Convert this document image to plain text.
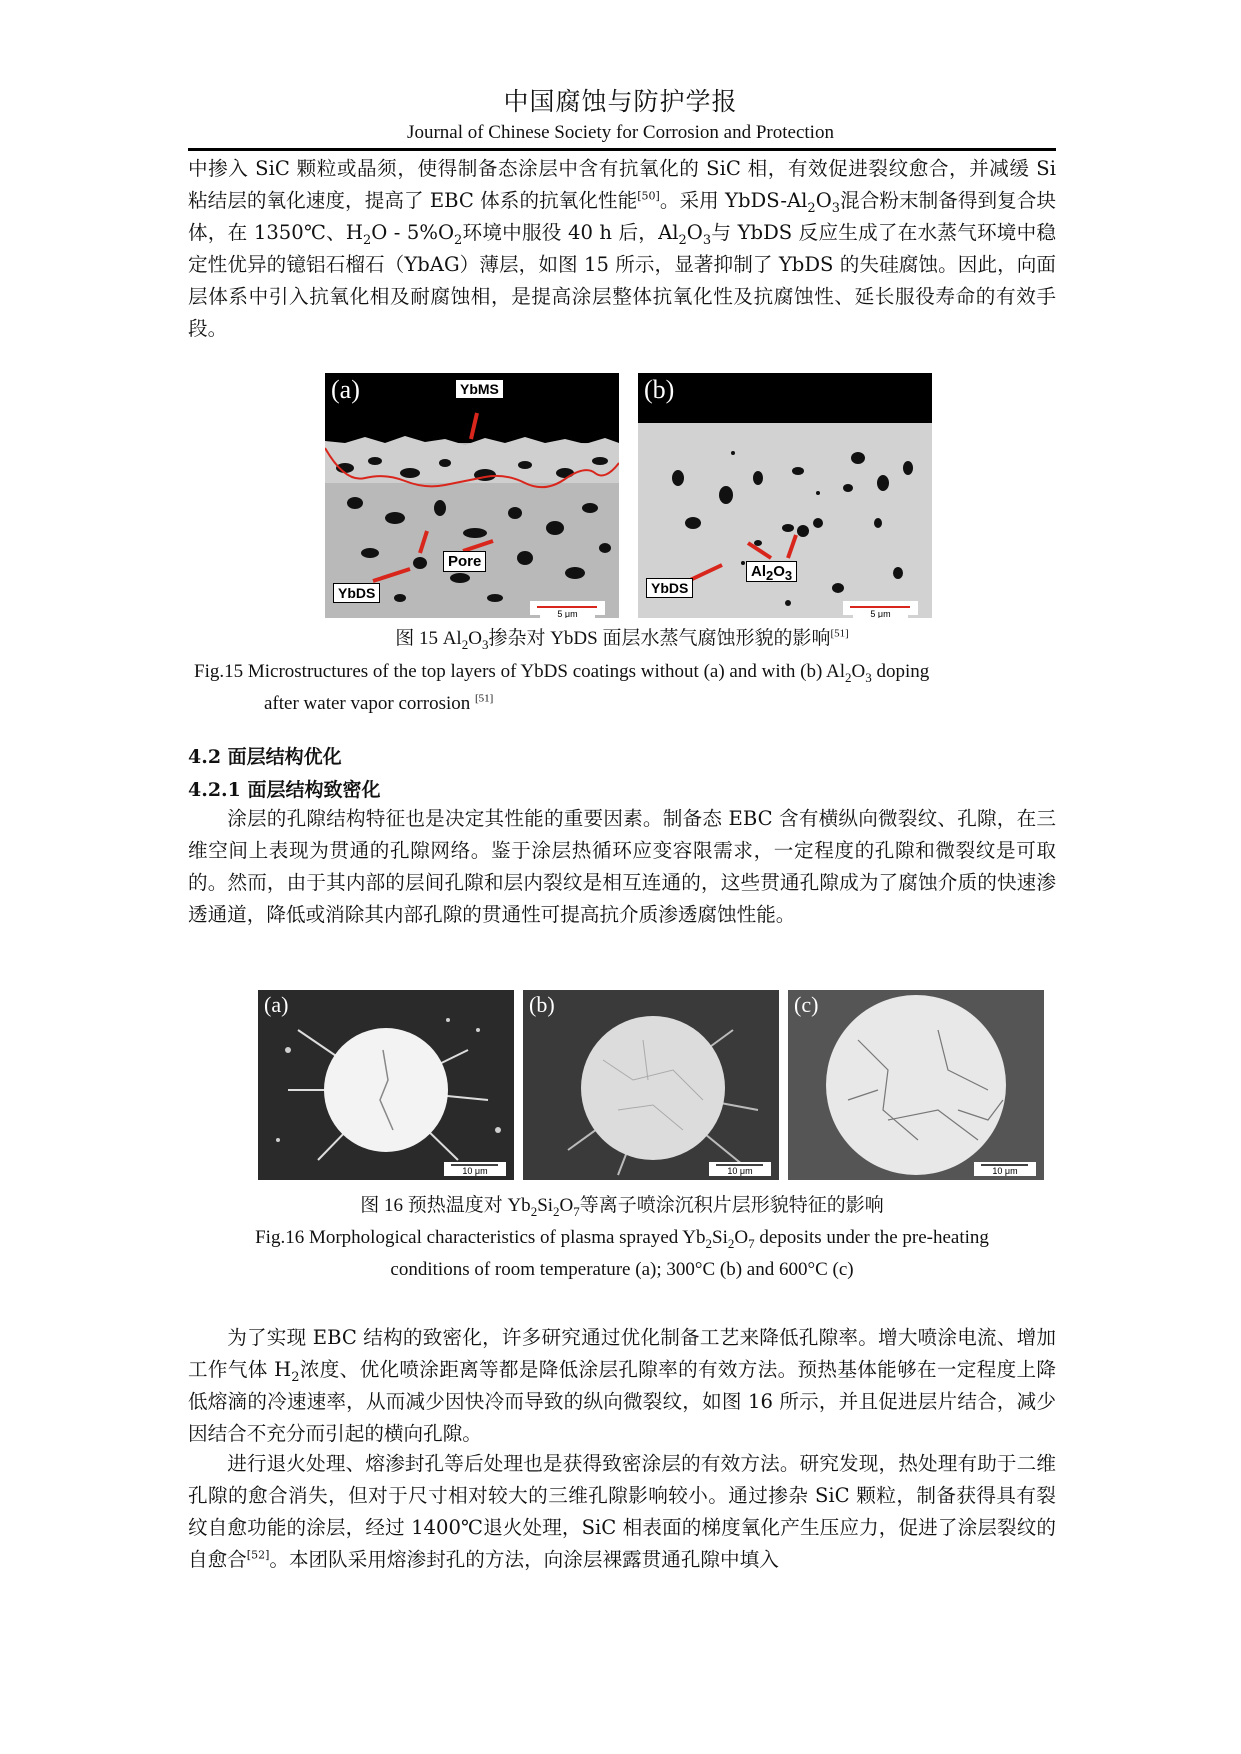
中国腐蚀与防护学报
Journal of Chinese Society for Corrosion and Protection

中掺入 SiC 颗粒或晶须，使得制备态涂层中含有抗氧化的 SiC 相，有效促进裂纹愈合，并减缓 Si 粘结层的氧化速度，提高了 EBC 体系的抗氧化性能[50]。采用 YbDS-$Al_2O_3$混合粉末制备得到复合块体，在 1350℃、$H_2O - 5\%O_2$环境中服役 40 h 后，$Al_2O_3$与 YbDS 反应生成了在水蒸气环境中稳定性优异的镱铝石榴石（YbAG）薄层，如图 15 所示，显著抑制了 YbDS 的失硅腐蚀。因此，向面层体系中引入抗氧化相及耐腐蚀相，是提高涂层整体抗氧化性及抗腐蚀性、延长服役寿命的有效手段。

(a)	YbMS
YbDS
Pore
5 μm
(b)
YbDS
$Al_2O_3$
5 μm
图 15 $Al_2O_3$掺杂对 YbDS 面层水蒸气腐蚀形貌的影响[51]
Fig.15 Microstructures of the top layers of YbDS coatings without (a) and with (b) $Al_2O_3$ doping
after water vapor corrosion [51]
4.2 面层结构优化
4.2.1 面层结构致密化

涂层的孔隙结构特征也是决定其性能的重要因素。制备态 EBC 含有横纵向微裂纹、孔隙，在三维空间上表现为贯通的孔隙网络。鉴于涂层热循环应变容限需求，一定程度的孔隙和微裂纹是可取的。然而，由于其内部的层间孔隙和层内裂纹是相互连通的，这些贯通孔隙成为了腐蚀介质的快速渗透通道，降低或消除其内部孔隙的贯通性可提高抗介质渗透腐蚀性能。

(a)
10 μm
(b)
10 μm
(c)
10 μm
图 16 预热温度对 $Yb_2Si_2O_7$等离子喷涂沉积片层形貌特征的影响
Fig.16 Morphological characteristics of plasma sprayed $Yb_2Si_2O_7$ deposits under the pre-heating
conditions of room temperature (a); 300°C (b) and 600°C (c)

为了实现 EBC 结构的致密化，许多研究通过优化制备工艺来降低孔隙率。增大喷涂电流、增加工作气体 $H_2$浓度、优化喷涂距离等都是降低涂层孔隙率的有效方法。预热基体能够在一定程度上降低熔滴的冷速速率，从而减少因快冷而导致的纵向微裂纹，如图 16 所示，并且促进层片结合，减少因结合不充分而引起的横向孔隙。

进行退火处理、熔渗封孔等后处理也是获得致密涂层的有效方法。研究发现，热处理有助于二维孔隙的愈合消失，但对于尺寸相对较大的三维孔隙影响较小。通过掺杂 SiC 颗粒，制备获得具有裂纹自愈功能的涂层，经过 1400℃退火处理，SiC 相表面的梯度氧化产生压应力，促进了涂层裂纹的自愈合[52]。本团队采用熔渗封孔的方法，向涂层裸露贯通孔隙中填入
